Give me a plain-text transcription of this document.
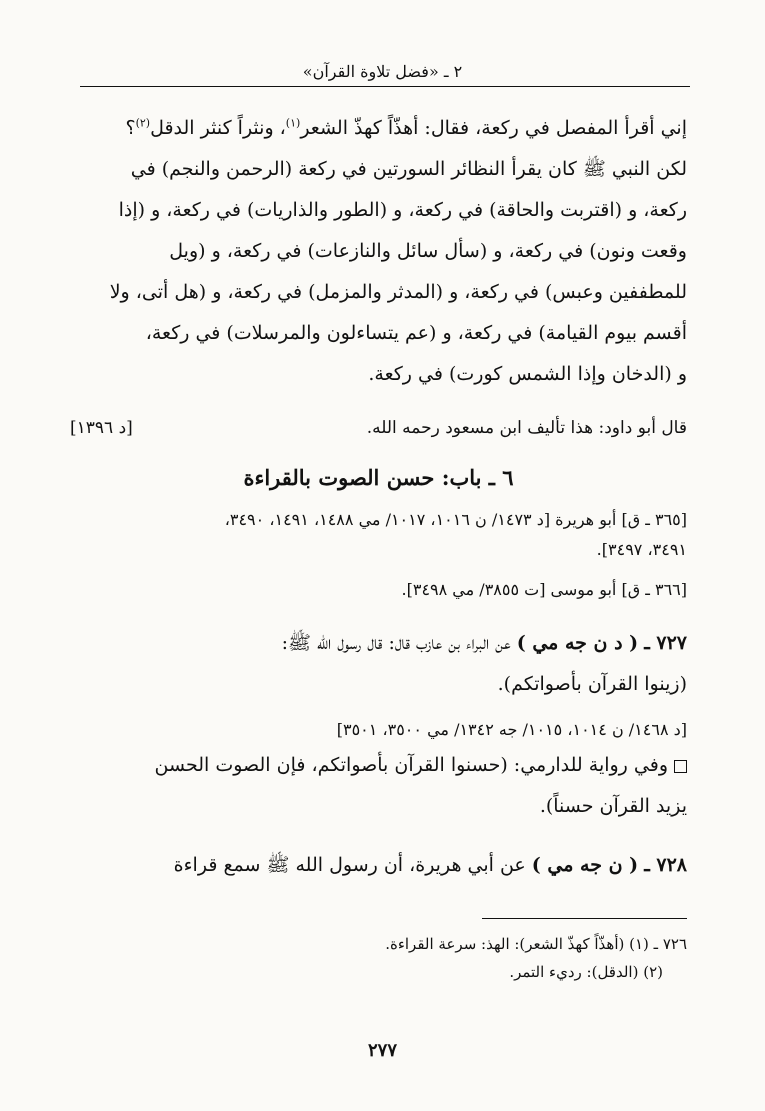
٢ ـ «فضل تلاوة القرآن»

إني أقرأ المفصل في ركعة، فقال: أهذّاً كهذّ الشعر$^{(١)}$، ونثراً كنثر الدقل$^{(٢)}$؟
لكن النبي ﷺ كان يقرأ النظائر السورتين في ركعة (الرحمن والنجم) في
ركعة، و (اقتربت والحاقة) في ركعة، و (الطور والذاريات) في ركعة، و (إذا
وقعت ونون) في ركعة، و (سأل سائل والنازعات) في ركعة، و (ويل
للمطففين وعبس) في ركعة، و (المدثر والمزمل) في ركعة، و (هل أتى، ولا
أقسم بيوم القيامة) في ركعة، و (عم يتساءلون والمرسلات) في ركعة،
و (الدخان وإذا الشمس كورت) في ركعة.

قال أبو داود: هذا تأليف ابن مسعود رحمه الله.
[د ١٣٩٦]
٦ ـ باب: حسن الصوت بالقراءة

[٣٦٥ ـ ق] أبو هريرة [د ١٤٧٣/ ن ١٠١٦، ١٠١٧/ مي ١٤٨٨، ١٤٩١، ٣٤٩٠،
٣٤٩١، ٣٤٩٧].

[٣٦٦ ـ ق] أبو موسى [ت ٣٨٥٥/ مي ٣٤٩٨].

٧٢٧ ـ ( د ن جه مي ) عن البراء بن عازب قال: قال رسول الله ﷺ:
(زينوا القرآن بأصواتكم).

[د ١٤٦٨/ ن ١٠١٤، ١٠١٥/ جه ١٣٤٢/ مي ٣٥٠٠، ٣٥٠١]

وفي رواية للدارمي: (حسنوا القرآن بأصواتكم، فإن الصوت الحسن
يزيد القرآن حسناً).

٧٢٨ ـ ( ن جه مي ) عن أبي هريرة، أن رسول الله ﷺ سمع قراءة

٧٢٦ ـ (١) (أهذّاً كهذّ الشعر): الهذ: سرعة القراءة.
(٢) (الدقل): رديء التمر.
٢٧٧
